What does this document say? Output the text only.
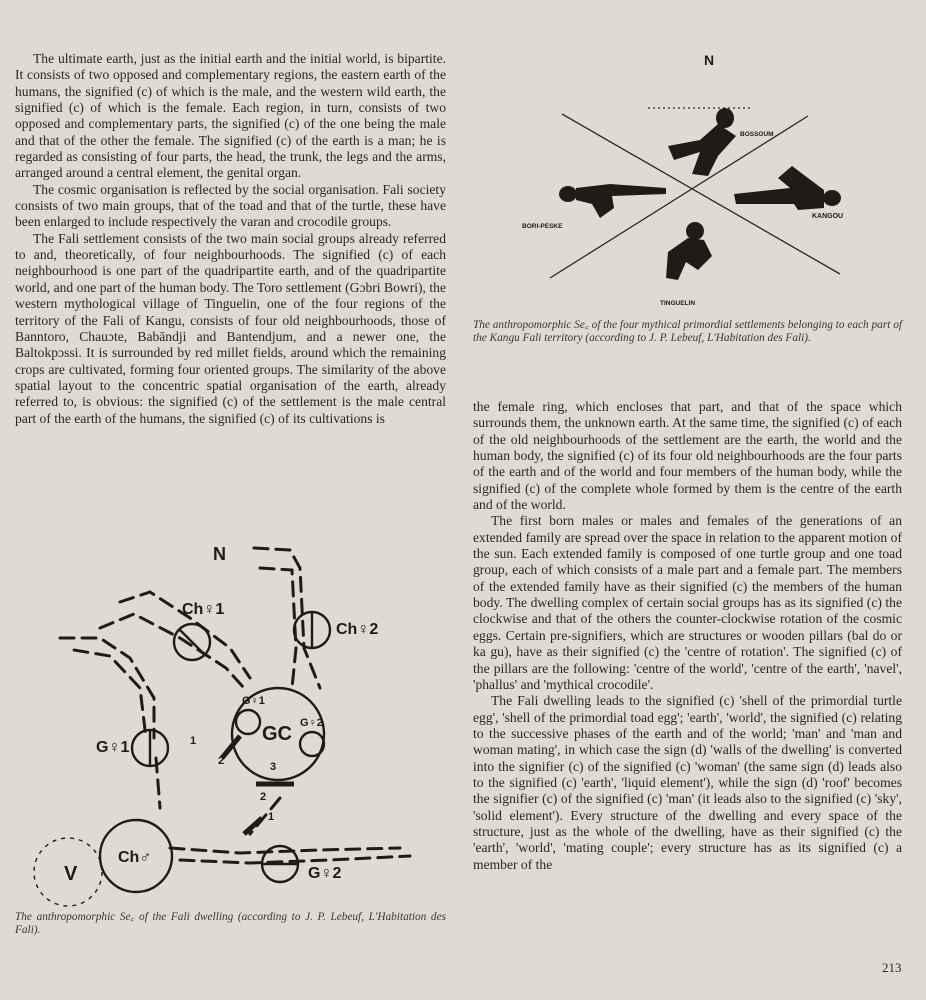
The ultimate earth, just as the initial earth and the initial world, is bipartite. It consists of two opposed and complementary regions, the eastern earth of the humans, the signified (c) of which is the male, and the western wild earth, the signified (c) of which is the female. Each region, in turn, consists of two opposed and complementary parts, the signified (c) of the one being the male and that of the other the female. The signified (c) of the earth is a man; he is regarded as consisting of four parts, the head, the trunk, the legs and the arms, arranged around a central element, the genital organ.

The cosmic organisation is reflected by the social organisation. Fali society consists of two main groups, that of the toad and that of the turtle, these have been enlarged to include respectively the varan and crocodile groups.

The Fali settlement consists of the two main social groups already referred to and, theoretically, of four neighbourhoods. The signified (c) of each neighbourhood is one part of the quadripartite earth, and of the quadripartite world, and one part of the human body. The Toro settlement (Gɔbri Bowri), the western mythological village of Tinguelin, one of the four regions of the territory of the Fali of Kangu, consists of four old neighbourhoods, those of Banntoro, Chauɔte, Babāndji and Bantendjum, and a newer one, the Baltokpɔssi. It is surrounded by red millet fields, around which the remaining crops are cultivated, forming four oriented groups. The similarity of the above spatial layout to the concentric spatial organisation of the earth, already referred to, is obvious: the signified (c) of the settlement is the male central part of the earth of the humans, the signified (c) of its cultivations is

N
BOSSOUM
BORI-PESKE
KANGOU
TINGUELIN
The anthropomorphic Se꜀ of the four mythical primordial settlements belonging to each part of the Kangu Fali territory (according to J. P. Lebeuf, L'Habitation des Fali).

the female ring, which encloses that part, and that of the space which surrounds them, the unknown earth. At the same time, the signified (c) of each of the old neighbourhoods of the settlement are the earth, the world and the human body, the signified (c) of its four old neighbourhoods are the four parts of the earth and of the world and four members of the human body, while the signified (c) of the complete whole formed by them is the centre of the earth and of the world.

The first born males or males and females of the generations of an extended family are spread over the space in relation to the apparent motion of the sun. Each extended family is composed of one turtle group and one toad group, each of which consists of a male part and a female part. The members of the extended family have as their signified (c) the members of the human body. The dwelling complex of certain social groups has as its signified (c) the clockwise and that of the others the counter-clockwise rotation of the cosmic eggs. Certain pre-signifiers, which are structures or wooden pillars (bal do or ka gu), have as their signified (c) the 'centre of rotation'. The signified (c) of the pillars are the following: 'centre of the world', 'centre of the earth', 'navel', 'phallus' and 'mythical crocodile'.

The Fali dwelling leads to the signified (c) 'shell of the primordial turtle egg', 'shell of the primordial toad egg'; 'earth', 'world', the signified (c) relating to the successive phases of the earth and of the world; 'man' and 'man and woman mating', in which case the sign (d) 'walls of the dwelling' is converted into the signifier (c) of the signified (c) 'woman' (the same sign (d) leads also to the signified (c) 'earth', 'liquid element'), while the sign (d) 'roof' becomes the signifier (c) of the signified (c) 'man' (it leads also to the signified (c) 'sky', 'solid element'). Every structure of the dwelling and every space of the structure, just as the whole of the dwelling, have as their signified (c) the 'earth', 'world', 'mating couple'; every structure has as its signified (c) a member of the

N
Ch♀1
Ch♀2
G♀1
GC
G♀1
G♀2
Ch♂
V	G♀2
1
2	3
2
1
The anthropomorphic Se꜀ of the Fali dwelling (according to J. P. Lebeuf, L'Habitation des Fali).
213
